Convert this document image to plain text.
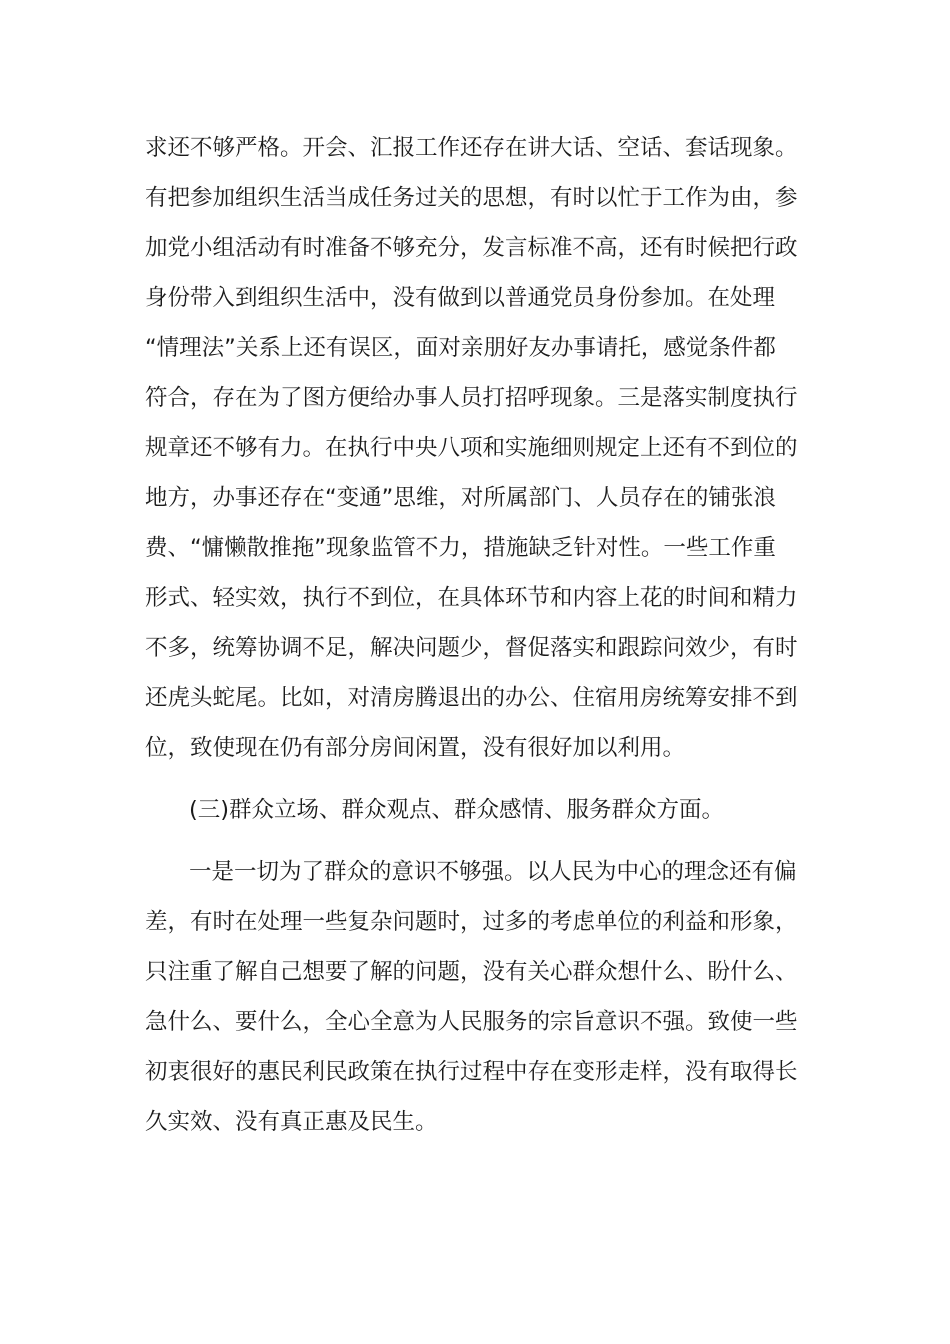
求还不够严格。开会、汇报工作还存在讲大话、空话、套话现象。
有把参加组织生活当成任务过关的思想，有时以忙于工作为由，参
加党小组活动有时准备不够充分，发言标准不高，还有时候把行政
身份带入到组织生活中，没有做到以普通党员身份参加。在处理
“情理法”关系上还有误区，面对亲朋好友办事请托，感觉条件都
符合，存在为了图方便给办事人员打招呼现象。三是落实制度执行
规章还不够有力。在执行中央八项和实施细则规定上还有不到位的
地方，办事还存在“变通”思维，对所属部门、人员存在的铺张浪
费、“慵懒散推拖”现象监管不力，措施缺乏针对性。一些工作重
形式、轻实效，执行不到位，在具体环节和内容上花的时间和精力
不多，统筹协调不足，解决问题少，督促落实和跟踪问效少，有时
还虎头蛇尾。比如，对清房腾退出的办公、住宿用房统筹安排不到
位，致使现在仍有部分房间闲置，没有很好加以利用。
(三)群众立场、群众观点、群众感情、服务群众方面。
一是一切为了群众的意识不够强。以人民为中心的理念还有偏
差，有时在处理一些复杂问题时，过多的考虑单位的利益和形象，
只注重了解自己想要了解的问题，没有关心群众想什么、盼什么、
急什么、要什么，全心全意为人民服务的宗旨意识不强。致使一些
初衷很好的惠民利民政策在执行过程中存在变形走样，没有取得长
久实效、没有真正惠及民生。
